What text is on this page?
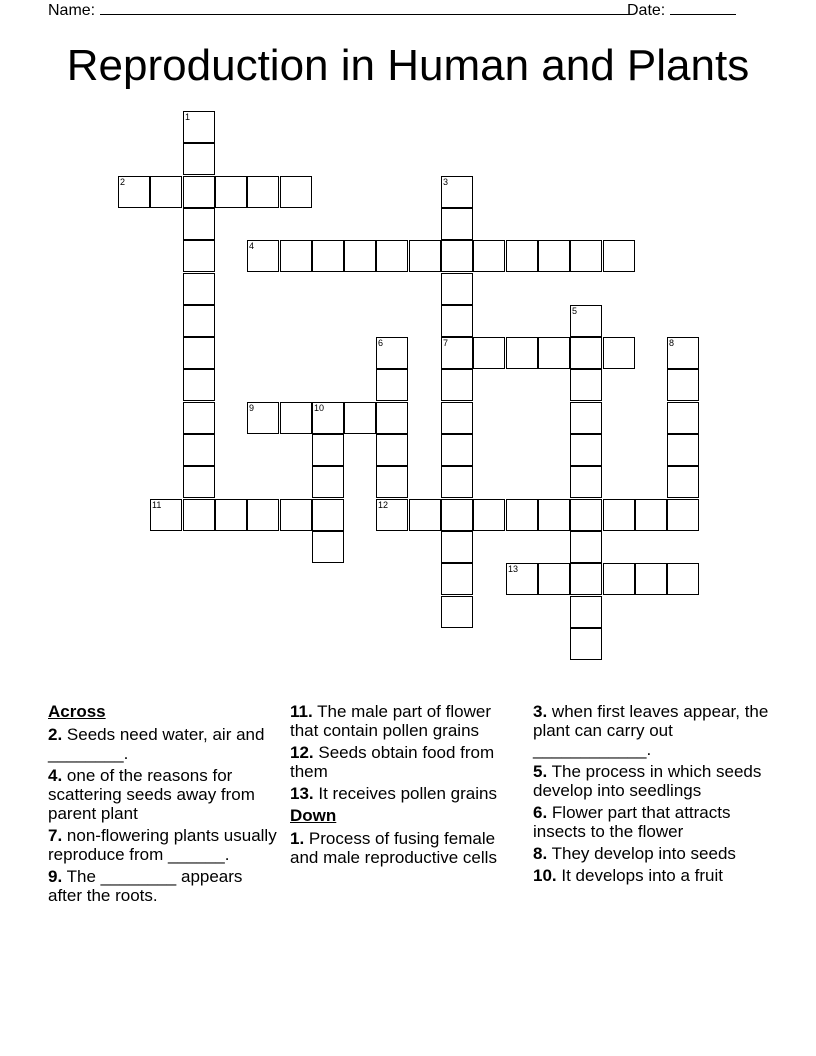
Name:	Date:
Reproduction in Human and Plants
1
2	3
7
4
5
6
12
8
9	10
11
13
Across
2. Seeds need water, air and ________.
4. one of the reasons for scattering seeds away from parent plant
7. non-flowering plants usually reproduce from ______.
9. The ________ appears after the roots.
11. The male part of flower that contain pollen grains
12. Seeds obtain food from them
13. It receives pollen grains
Down
1. Process of fusing female and male reproductive cells
3. when first leaves appear, the plant can carry out ____________.
5. The process in which seeds develop into seedlings
6. Flower part that attracts insects to the flower
8. They develop into seeds
10. It develops into a fruit
